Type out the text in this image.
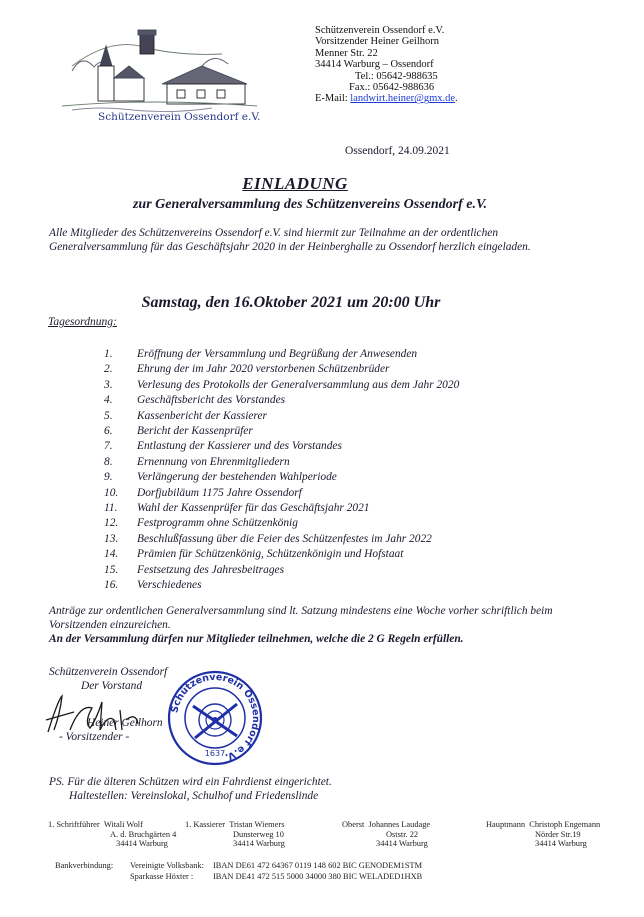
Schützenverein Ossendorf e.V.
Schützenverein Ossendorf e.V.
Vorsitzender Heiner Geilhorn
Menner Str. 22
34414 Warburg – Ossendorf
Tel.: 05642-988635
Fax.: 05642-988636
E-Mail: landwirt.heiner@gmx.de.
Ossendorf, 24.09.2021
EINLADUNG
zur Generalversammlung des Schützenvereins Ossendorf e.V.
Alle Mitglieder des Schützenvereins Ossendorf e.V. sind hiermit zur Teilnahme an der ordentlichen Generalversammlung für das Geschäftsjahr 2020 in der Heinberghalle zu Ossendorf herzlich eingeladen.
Samstag, den 16.Oktober 2021 um 20:00 Uhr
Tagesordnung:
1. Eröffnung der Versammlung und Begrüßung der Anwesenden
2. Ehrung der im Jahr 2020 verstorbenen Schützenbrüder
3. Verlesung des Protokolls der Generalversammlung aus dem Jahr 2020
4. Geschäftsbericht des Vorstandes
5. Kassenbericht der Kassierer
6. Bericht der Kassenprüfer
7. Entlastung der Kassierer und des Vorstandes
8. Ernennung von Ehrenmitgliedern
9. Verlängerung der bestehenden Wahlperiode
10. Dorfjubiläum 1175 Jahre Ossendorf
11. Wahl der Kassenprüfer für das Geschäftsjahr 2021
12. Festprogramm ohne Schützenkönig
13. Beschlußfassung über die Feier des Schützenfestes im Jahr 2022
14. Prämien für Schützenkönig, Schützenkönigin und Hofstaat
15. Festsetzung des Jahresbeitrages
16. Verschiedenes
Anträge zur ordentlichen Generalversammlung sind lt. Satzung mindestens eine Woche vorher schriftlich beim Vorsitzenden einzureichen.
An der Versammlung dürfen nur Mitglieder teilnehmen, welche die 2 G Regeln erfüllen.
Schützenverein Ossendorf
Der Vorstand
Heiner Geilhorn
- Vorsitzender -
Schützenverein Ossendorf e.V.
1637
PS. Für die älteren Schützen wird ein Fahrdienst eingerichtet.
Haltestellen: Vereinslokal, Schulhof und Friedenslinde
1. Schriftführer Witali Wolf
A. d. Bruchgärten 4
34414 Warburg
1. Kassierer Tristan Wiemers
Dunsterweg 10
34414 Warburg
Oberst Johannes Laudage
Oststr. 22
34414 Warburg
Hauptmann Christoph Engemann
Nörder Str.19
34414 Warburg
Bankverbindung: Vereinigte Volksbank: IBAN DE61 472 64367 0119 148 602 BIC GENODEM1STM
Sparkasse Höxter : IBAN DE41 472 515 5000 34000 380 BIC WELADED1HXB
